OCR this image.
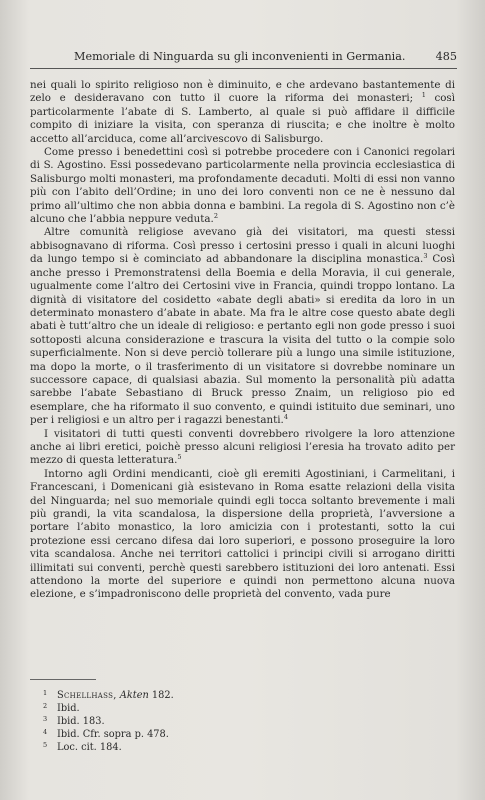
Memoriale di Ninguarda su gli inconvenienti in Germania.	485

nei quali lo spirito religioso non è diminuito, e che ardevano bastantemente di zelo e desideravano con tutto il cuore la riforma dei monasteri; $^1$ così particolarmente l’abate di S. Lamberto, al quale si può affidare il difficile compito di iniziare la visita, con speranza di riuscita; e che inoltre è molto accetto all’arciduca, come all’arcivescovo di Salisburgo.

Come presso i benedettini così si potrebbe procedere con i Canonici regolari di S. Agostino. Essi possedevano particolarmente nella provincia ecclesiastica di Salisburgo molti monasteri, ma profondamente decaduti. Molti di essi non vanno più con l’abito dell’Ordine; in uno dei loro conventi non ce ne è nessuno dal primo all’ultimo che non abbia donna e bambini. La regola di S. Agostino non c’è alcuno che l’abbia neppure veduta.$^2$

Altre comunità religiose avevano già dei visitatori, ma questi stessi abbisognavano di riforma. Così presso i certosini presso i quali in alcuni luoghi da lungo tempo si è cominciato ad abbandonare la disciplina monastica.$^3$ Così anche presso i Premonstratensi della Boemia e della Moravia, il cui generale, ugualmente come l’altro dei Certosini vive in Francia, quindi troppo lontano. La dignità di visitatore del cosidetto «abate degli abati» si eredita da loro in un determinato monastero d’abate in abate. Ma fra le altre cose questo abate degli abati è tutt’altro che un ideale di religioso: e pertanto egli non gode presso i suoi sottoposti alcuna considerazione e trascura la visita del tutto o la compie solo superficialmente. Non si deve perciò tollerare più a lungo una simile istituzione, ma dopo la morte, o il trasferimento di un visitatore si dovrebbe nominare un successore capace, di qualsiasi abazia. Sul momento la personalità più adatta sarebbe l’abate Sebastiano di Bruck presso Znaim, un religioso pio ed esemplare, che ha riformato il suo convento, e quindi istituito due seminari, uno per i religiosi e un altro per i ragazzi benestanti.$^4$

I visitatori di tutti questi conventi dovrebbero rivolgere la loro attenzione anche ai libri eretici, poichè presso alcuni religiosi l’eresia ha trovato adito per mezzo di questa letteratura.$^5$

Intorno agli Ordini mendicanti, cioè gli eremiti Agostiniani, i Carmelitani, i Francescani, i Domenicani già esistevano in Roma esatte relazioni della visita del Ninguarda; nel suo memoriale quindi egli tocca soltanto brevemente i mali più grandi, la vita scandalosa, la dispersione della proprietà, l’avversione a portare l’abito monastico, la loro amicizia con i protestanti, sotto la cui protezione essi cercano difesa dai loro superiori, e possono proseguire la loro vita scandalosa. Anche nei territori cattolici i principi civili si arrogano diritti illimitati sui conventi, perchè questi sarebbero istituzioni dei loro antenati. Essi attendono la morte del superiore e quindi non permettono alcuna nuova elezione, e s’impadroniscono delle proprietà del convento, vada pure

1	Schellhass, Akten 182.
2	Ibid.
3	Ibid. 183.
4	Ibid. Cfr. sopra p. 478.
5	Loc. cit. 184.
